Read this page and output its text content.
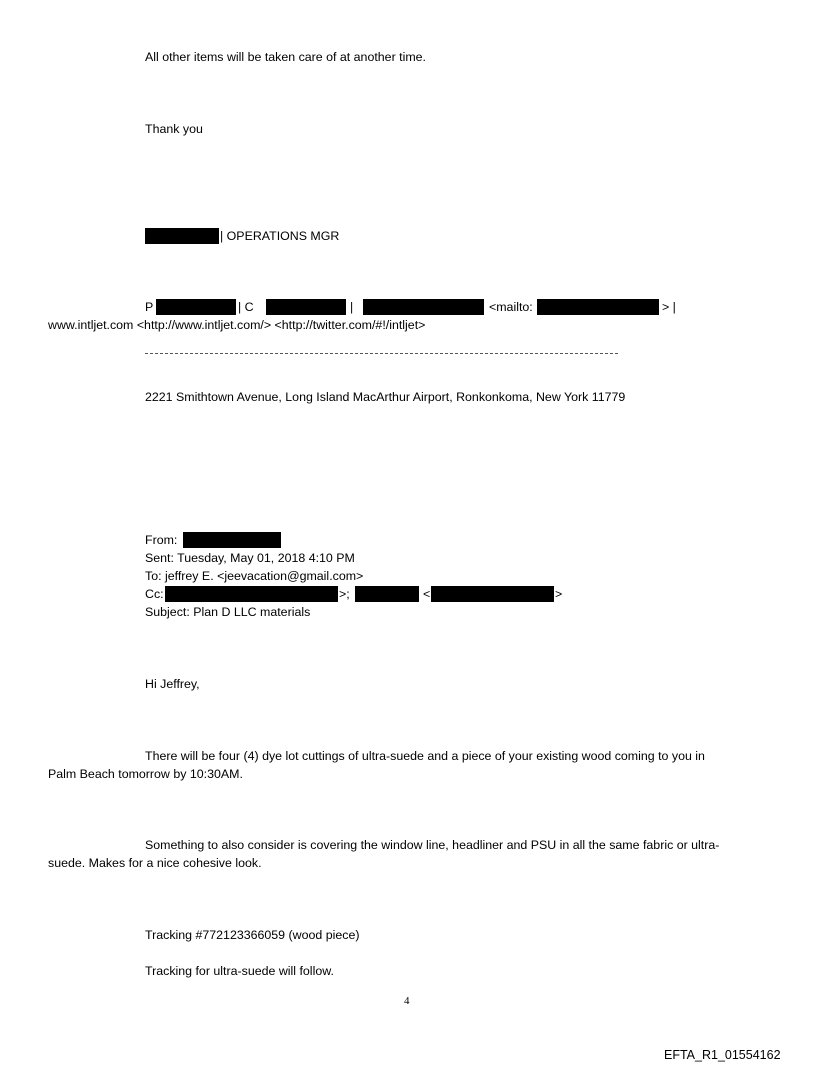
All other items will be taken care of at another time.
Thank you
| OPERATIONS MGR
P	| C	|	<mailto:	> |
www.intljet.com <http://www.intljet.com/> <http://twitter.com/#!/intljet>
2221 Smithtown Avenue, Long Island MacArthur Airport, Ronkonkoma, New York 11779
From:
Sent: Tuesday, May 01, 2018 4:10 PM
To: jeffrey E. <jeevacation@gmail.com>
Cc:	>;	<	>
Subject: Plan D LLC materials
Hi Jeffrey,
There will be four (4) dye lot cuttings of ultra-suede and a piece of your existing wood coming to you in
Palm Beach tomorrow by 10:30AM.
Something to also consider is covering the window line, headliner and PSU in all the same fabric or ultra-
suede. Makes for a nice cohesive look.
Tracking #772123366059 (wood piece)
Tracking for ultra-suede will follow.
4
EFTA_R1_01554162
